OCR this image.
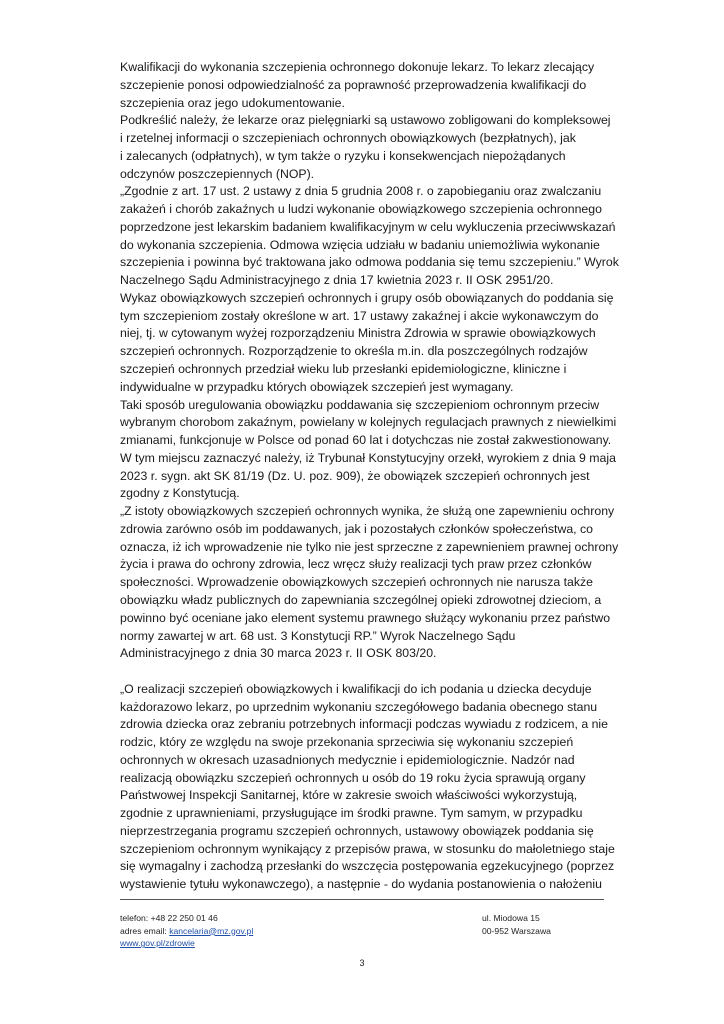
Kwalifikacji do wykonania szczepienia ochronnego dokonuje lekarz. To lekarz zlecający
szczepienie ponosi odpowiedzialność za poprawność przeprowadzenia kwalifikacji do
szczepienia oraz jego udokumentowanie.
Podkreślić należy, że lekarze oraz pielęgniarki są ustawowo zobligowani do kompleksowej
i rzetelnej informacji o szczepieniach ochronnych obowiązkowych (bezpłatnych), jak
i zalecanych (odpłatnych), w tym także o ryzyku i konsekwencjach niepożądanych
odczynów poszczepiennych (NOP).
„Zgodnie z art. 17 ust. 2 ustawy z dnia 5 grudnia 2008 r. o zapobieganiu oraz zwalczaniu
zakażeń i chorób zakaźnych u ludzi wykonanie obowiązkowego szczepienia ochronnego
poprzedzone jest lekarskim badaniem kwalifikacyjnym w celu wykluczenia przeciwwskazań
do wykonania szczepienia. Odmowa wzięcia udziału w badaniu uniemożliwia wykonanie
szczepienia i powinna być traktowana jako odmowa poddania się temu szczepieniu.” Wyrok
Naczelnego Sądu Administracyjnego z dnia 17 kwietnia 2023 r. II OSK 2951/20.
Wykaz obowiązkowych szczepień ochronnych i grupy osób obowiązanych do poddania się
tym szczepieniom zostały określone w art. 17 ustawy zakaźnej i akcie wykonawczym do
niej, tj. w cytowanym wyżej rozporządzeniu Ministra Zdrowia w sprawie obowiązkowych
szczepień ochronnych. Rozporządzenie to określa m.in. dla poszczególnych rodzajów
szczepień ochronnych przedział wieku lub przesłanki epidemiologiczne, kliniczne i
indywidualne w przypadku których obowiązek szczepień jest wymagany.
Taki sposób uregulowania obowiązku poddawania się szczepieniom ochronnym przeciw
wybranym chorobom zakaźnym, powielany w kolejnych regulacjach prawnych z niewielkimi
zmianami, funkcjonuje w Polsce od ponad 60 lat i dotychczas nie został zakwestionowany.
W tym miejscu zaznaczyć należy, iż Trybunał Konstytucyjny orzekł, wyrokiem z dnia 9 maja
2023 r. sygn. akt SK 81/19 (Dz. U. poz. 909), że obowiązek szczepień ochronnych jest
zgodny z Konstytucją.
„Z istoty obowiązkowych szczepień ochronnych wynika, że służą one zapewnieniu ochrony
zdrowia zarówno osób im poddawanych, jak i pozostałych członków społeczeństwa, co
oznacza, iż ich wprowadzenie nie tylko nie jest sprzeczne z zapewnieniem prawnej ochrony
życia i prawa do ochrony zdrowia, lecz wręcz służy realizacji tych praw przez członków
społeczności. Wprowadzenie obowiązkowych szczepień ochronnych nie narusza także
obowiązku władz publicznych do zapewniania szczególnej opieki zdrowotnej dzieciom, a
powinno być oceniane jako element systemu prawnego służący wykonaniu przez państwo
normy zawartej w art. 68 ust. 3 Konstytucji RP.” Wyrok Naczelnego Sądu
Administracyjnego z dnia 30 marca 2023 r. II OSK 803/20.
„O realizacji szczepień obowiązkowych i kwalifikacji do ich podania u dziecka decyduje
każdorazowo lekarz, po uprzednim wykonaniu szczegółowego badania obecnego stanu
zdrowia dziecka oraz zebraniu potrzebnych informacji podczas wywiadu z rodzicem, a nie
rodzic, który ze względu na swoje przekonania sprzeciwia się wykonaniu szczepień
ochronnych w okresach uzasadnionych medycznie i epidemiologicznie. Nadzór nad
realizacją obowiązku szczepień ochronnych u osób do 19 roku życia sprawują organy
Państwowej Inspekcji Sanitarnej, które w zakresie swoich właściwości wykorzystują,
zgodnie z uprawnieniami, przysługujące im środki prawne. Tym samym, w przypadku
nieprzestrzegania programu szczepień ochronnych, ustawowy obowiązek poddania się
szczepieniom ochronnym wynikający z przepisów prawa, w stosunku do małoletniego staje
się wymagalny i zachodzą przesłanki do wszczęcia postępowania egzekucyjnego (poprzez
wystawienie tytułu wykonawczego), a następnie - do wydania postanowienia o nałożeniu
telefon: +48 22 250 01 46
adres email: kancelaria@mz.gov.pl
www.gov.pl/zdrowie
ul. Miodowa 15
00-952 Warszawa
3
